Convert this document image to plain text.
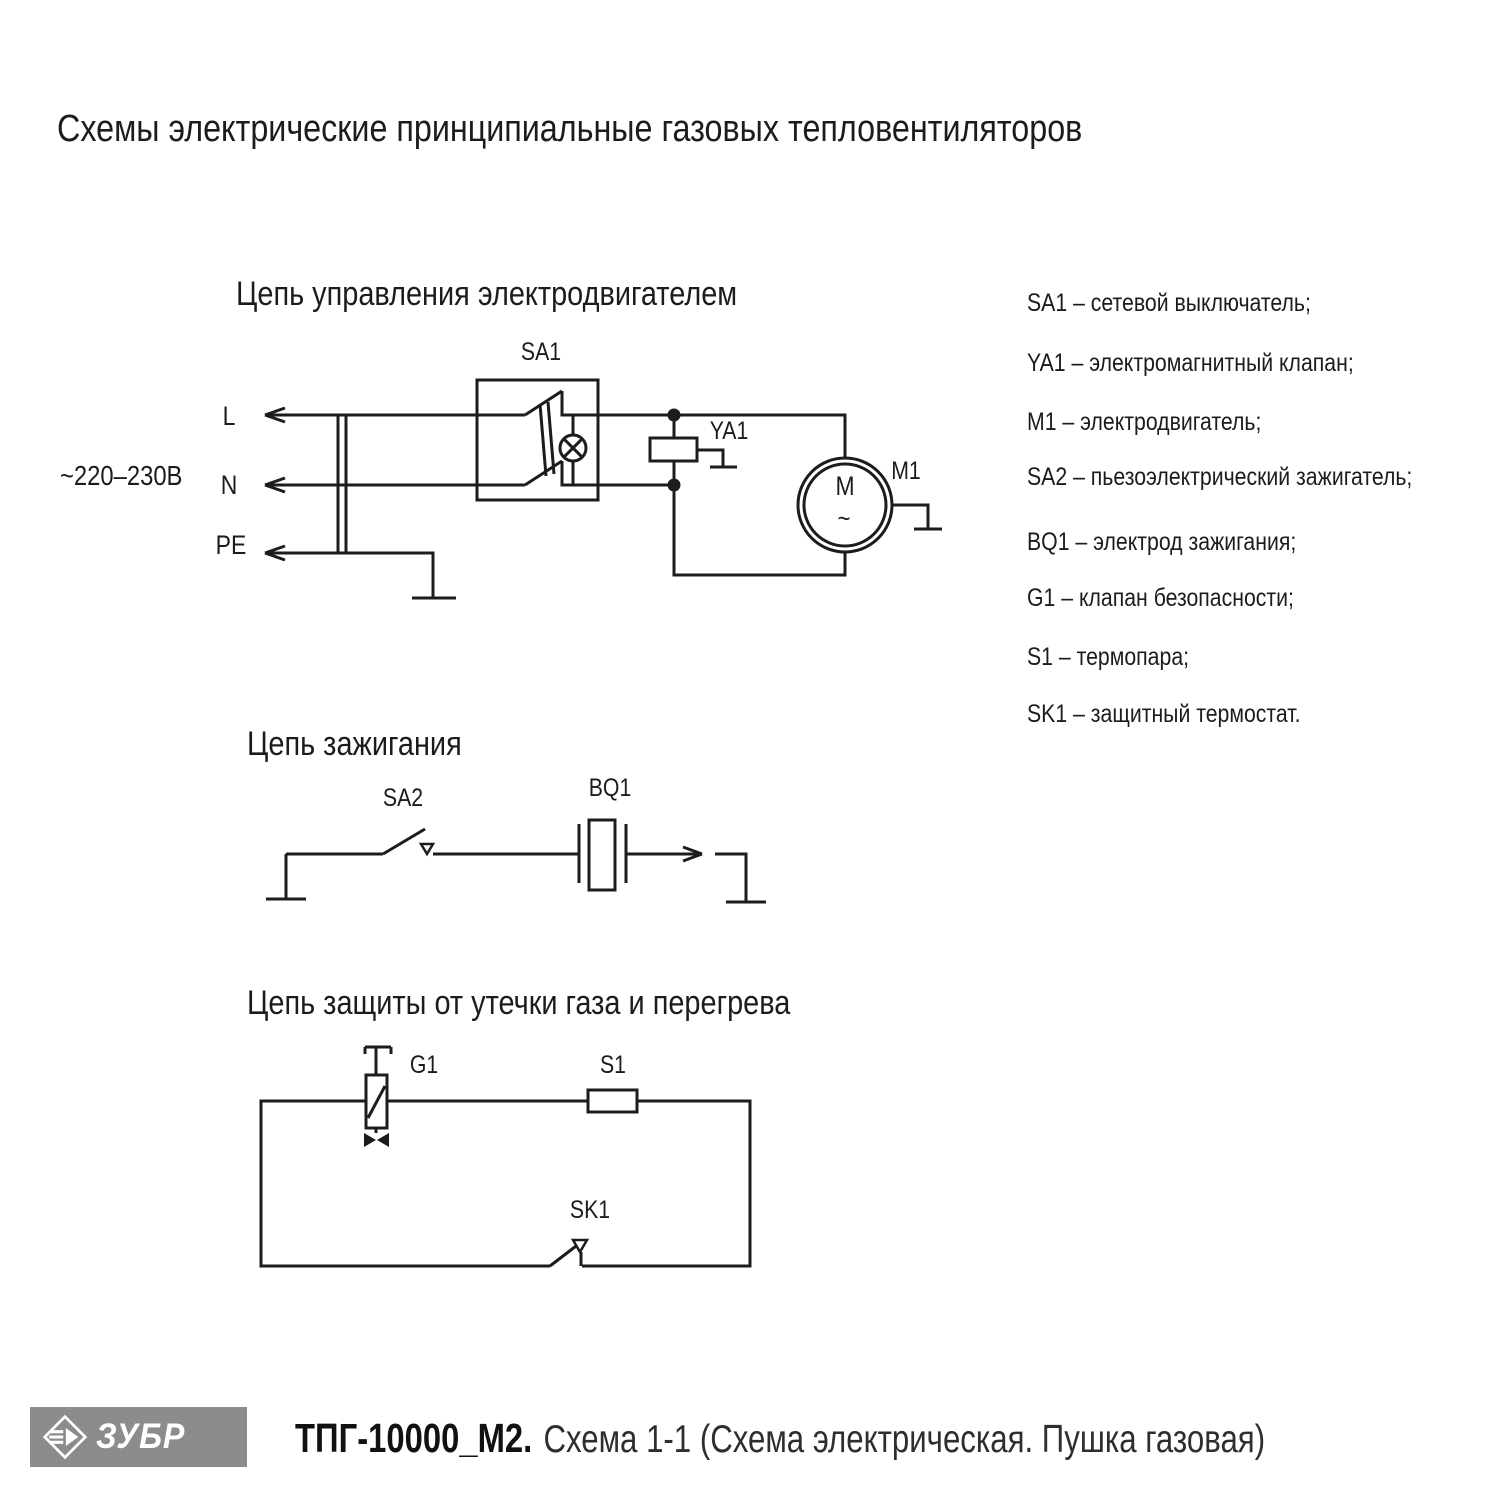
Схемы электрические принципиальные газовых тепловентиляторов
Цепь управления электродвигателем
~220–230В
L
N
PE
SA1
YA1
M1
M
~
Цепь зажигания
SA2	BQ1
Цепь защиты от утечки газа и перегрева
G1	S1
SK1
SA1 – сетевой выключатель;
YA1 – электромагнитный клапан;
M1 – электродвигатель;
SA2 – пьезоэлектрический зажигатель;
BQ1 – электрод зажигания;
G1 – клапан безопасности;
S1 – термопара;
SK1 – защитный термостат.
ЗУБР	ТПГ-10000_М2. Схема 1-1 (Схема электрическая. Пушка газовая)
